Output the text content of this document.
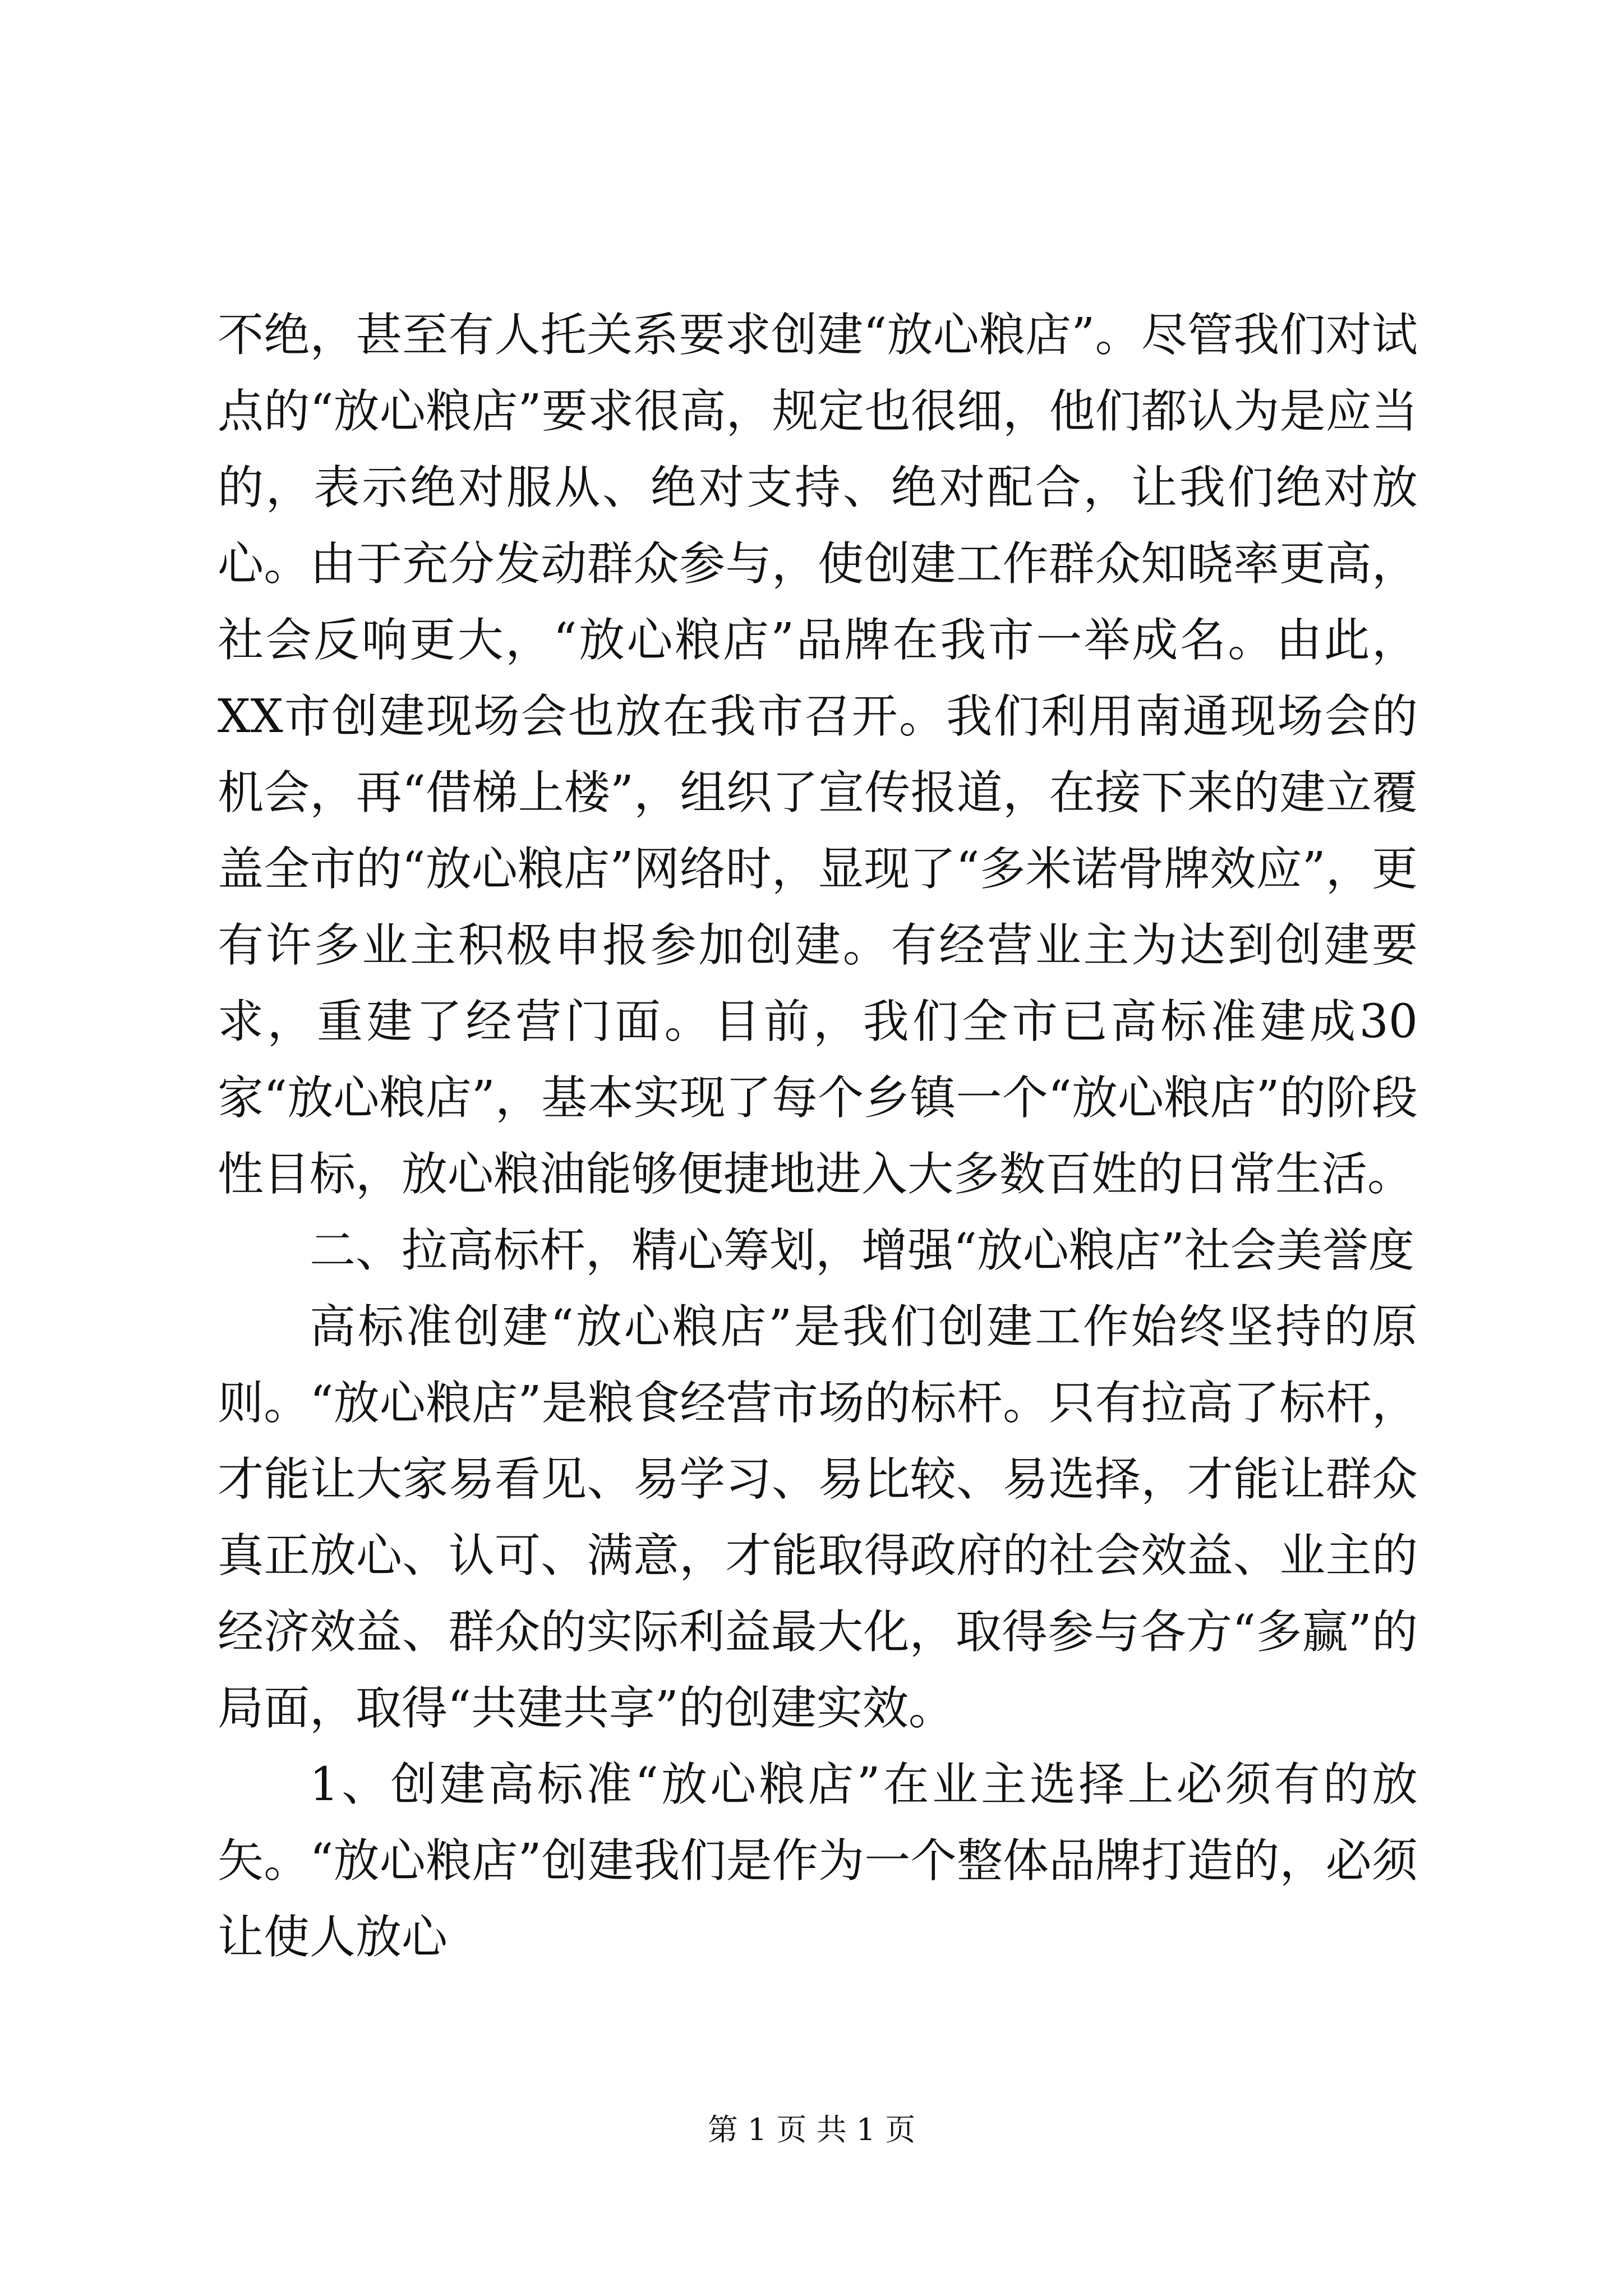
不绝，甚至有人托关系要求创建“放心粮店”。尽管我们对试点的“放心粮店”要求很高，规定也很细，他们都认为是应当的，表示绝对服从、绝对支持、绝对配合，让我们绝对放心。由于充分发动群众参与，使创建工作群众知晓率更高，社会反响更大，“放心粮店”品牌在我市一举成名。由此，XX市创建现场会也放在我市召开。我们利用南通现场会的机会，再“借梯上楼”，组织了宣传报道，在接下来的建立覆盖全市的“放心粮店”网络时，显现了“多米诺骨牌效应”，更有许多业主积极申报参加创建。有经营业主为达到创建要求，重建了经营门面。目前，我们全市已高标准建成30家“放心粮店”，基本实现了每个乡镇一个“放心粮店”的阶段性目标，放心粮油能够便捷地进入大多数百姓的日常生活。

二、拉高标杆，精心筹划，增强“放心粮店”社会美誉度

高标准创建“放心粮店”是我们创建工作始终坚持的原则。“放心粮店”是粮食经营市场的标杆。只有拉高了标杆，才能让大家易看见、易学习、易比较、易选择，才能让群众真正放心、认可、满意，才能取得政府的社会效益、业主的经济效益、群众的实际利益最大化，取得参与各方“多赢”的局面，取得“共建共享”的创建实效。

1、创建高标准“放心粮店”在业主选择上必须有的放矢。“放心粮店”创建我们是作为一个整体品牌打造的，必须让使人放心

第 1 页 共 1 页
